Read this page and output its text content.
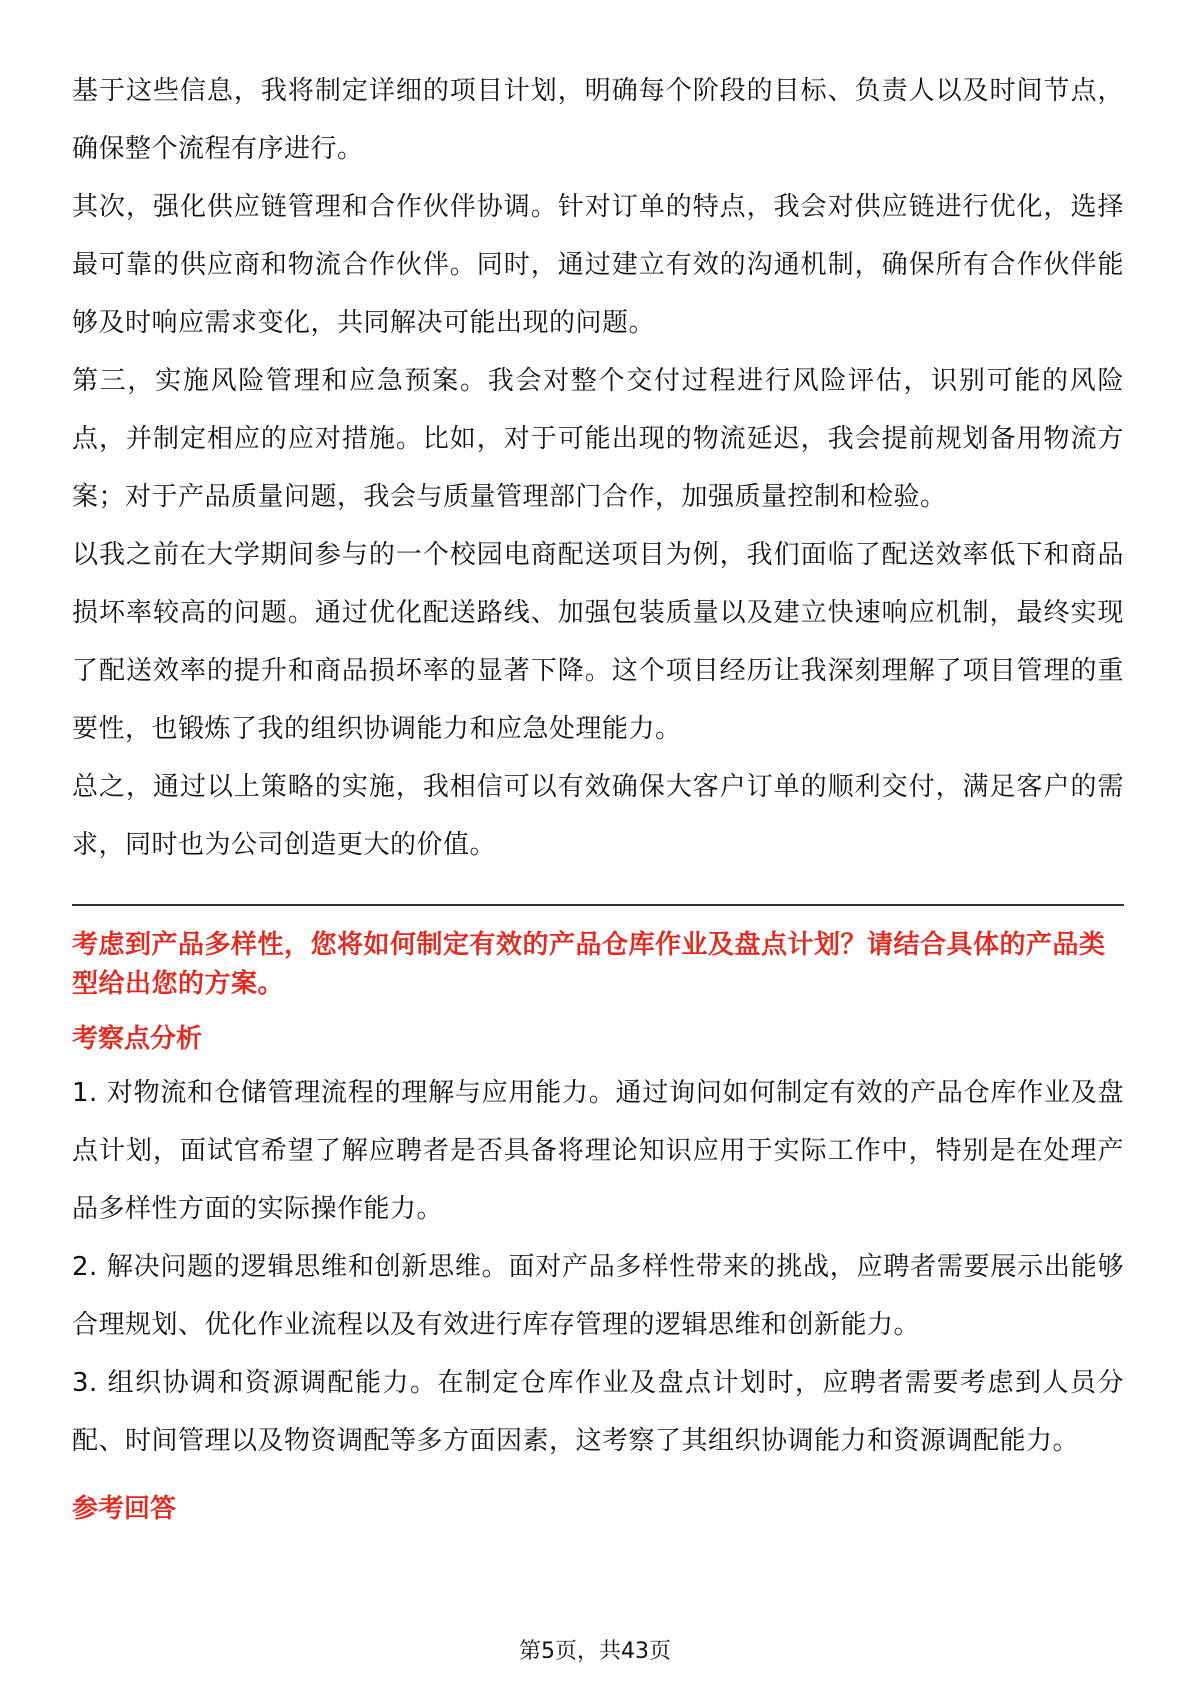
基于这些信息，我将制定详细的项目计划，明确每个阶段的目标、负责人以及时间节点，确保整个流程有序进行。

其次，强化供应链管理和合作伙伴协调。针对订单的特点，我会对供应链进行优化，选择最可靠的供应商和物流合作伙伴。同时，通过建立有效的沟通机制，确保所有合作伙伴能够及时响应需求变化，共同解决可能出现的问题。

第三，实施风险管理和应急预案。我会对整个交付过程进行风险评估，识别可能的风险点，并制定相应的应对措施。比如，对于可能出现的物流延迟，我会提前规划备用物流方案；对于产品质量问题，我会与质量管理部门合作，加强质量控制和检验。

以我之前在大学期间参与的一个校园电商配送项目为例，我们面临了配送效率低下和商品损坏率较高的问题。通过优化配送路线、加强包装质量以及建立快速响应机制，最终实现了配送效率的提升和商品损坏率的显著下降。这个项目经历让我深刻理解了项目管理的重要性，也锻炼了我的组织协调能力和应急处理能力。

总之，通过以上策略的实施，我相信可以有效确保大客户订单的顺利交付，满足客户的需求，同时也为公司创造更大的价值。

考虑到产品多样性，您将如何制定有效的产品仓库作业及盘点计划？请结合具体的产品类型给出您的方案。

考察点分析

1. 对物流和仓储管理流程的理解与应用能力。通过询问如何制定有效的产品仓库作业及盘点计划，面试官希望了解应聘者是否具备将理论知识应用于实际工作中，特别是在处理产品多样性方面的实际操作能力。

2. 解决问题的逻辑思维和创新思维。面对产品多样性带来的挑战，应聘者需要展示出能够合理规划、优化作业流程以及有效进行库存管理的逻辑思维和创新能力。

3. 组织协调和资源调配能力。在制定仓库作业及盘点计划时，应聘者需要考虑到人员分配、时间管理以及物资调配等多方面因素，这考察了其组织协调能力和资源调配能力。

参考回答

第5页，共43页
